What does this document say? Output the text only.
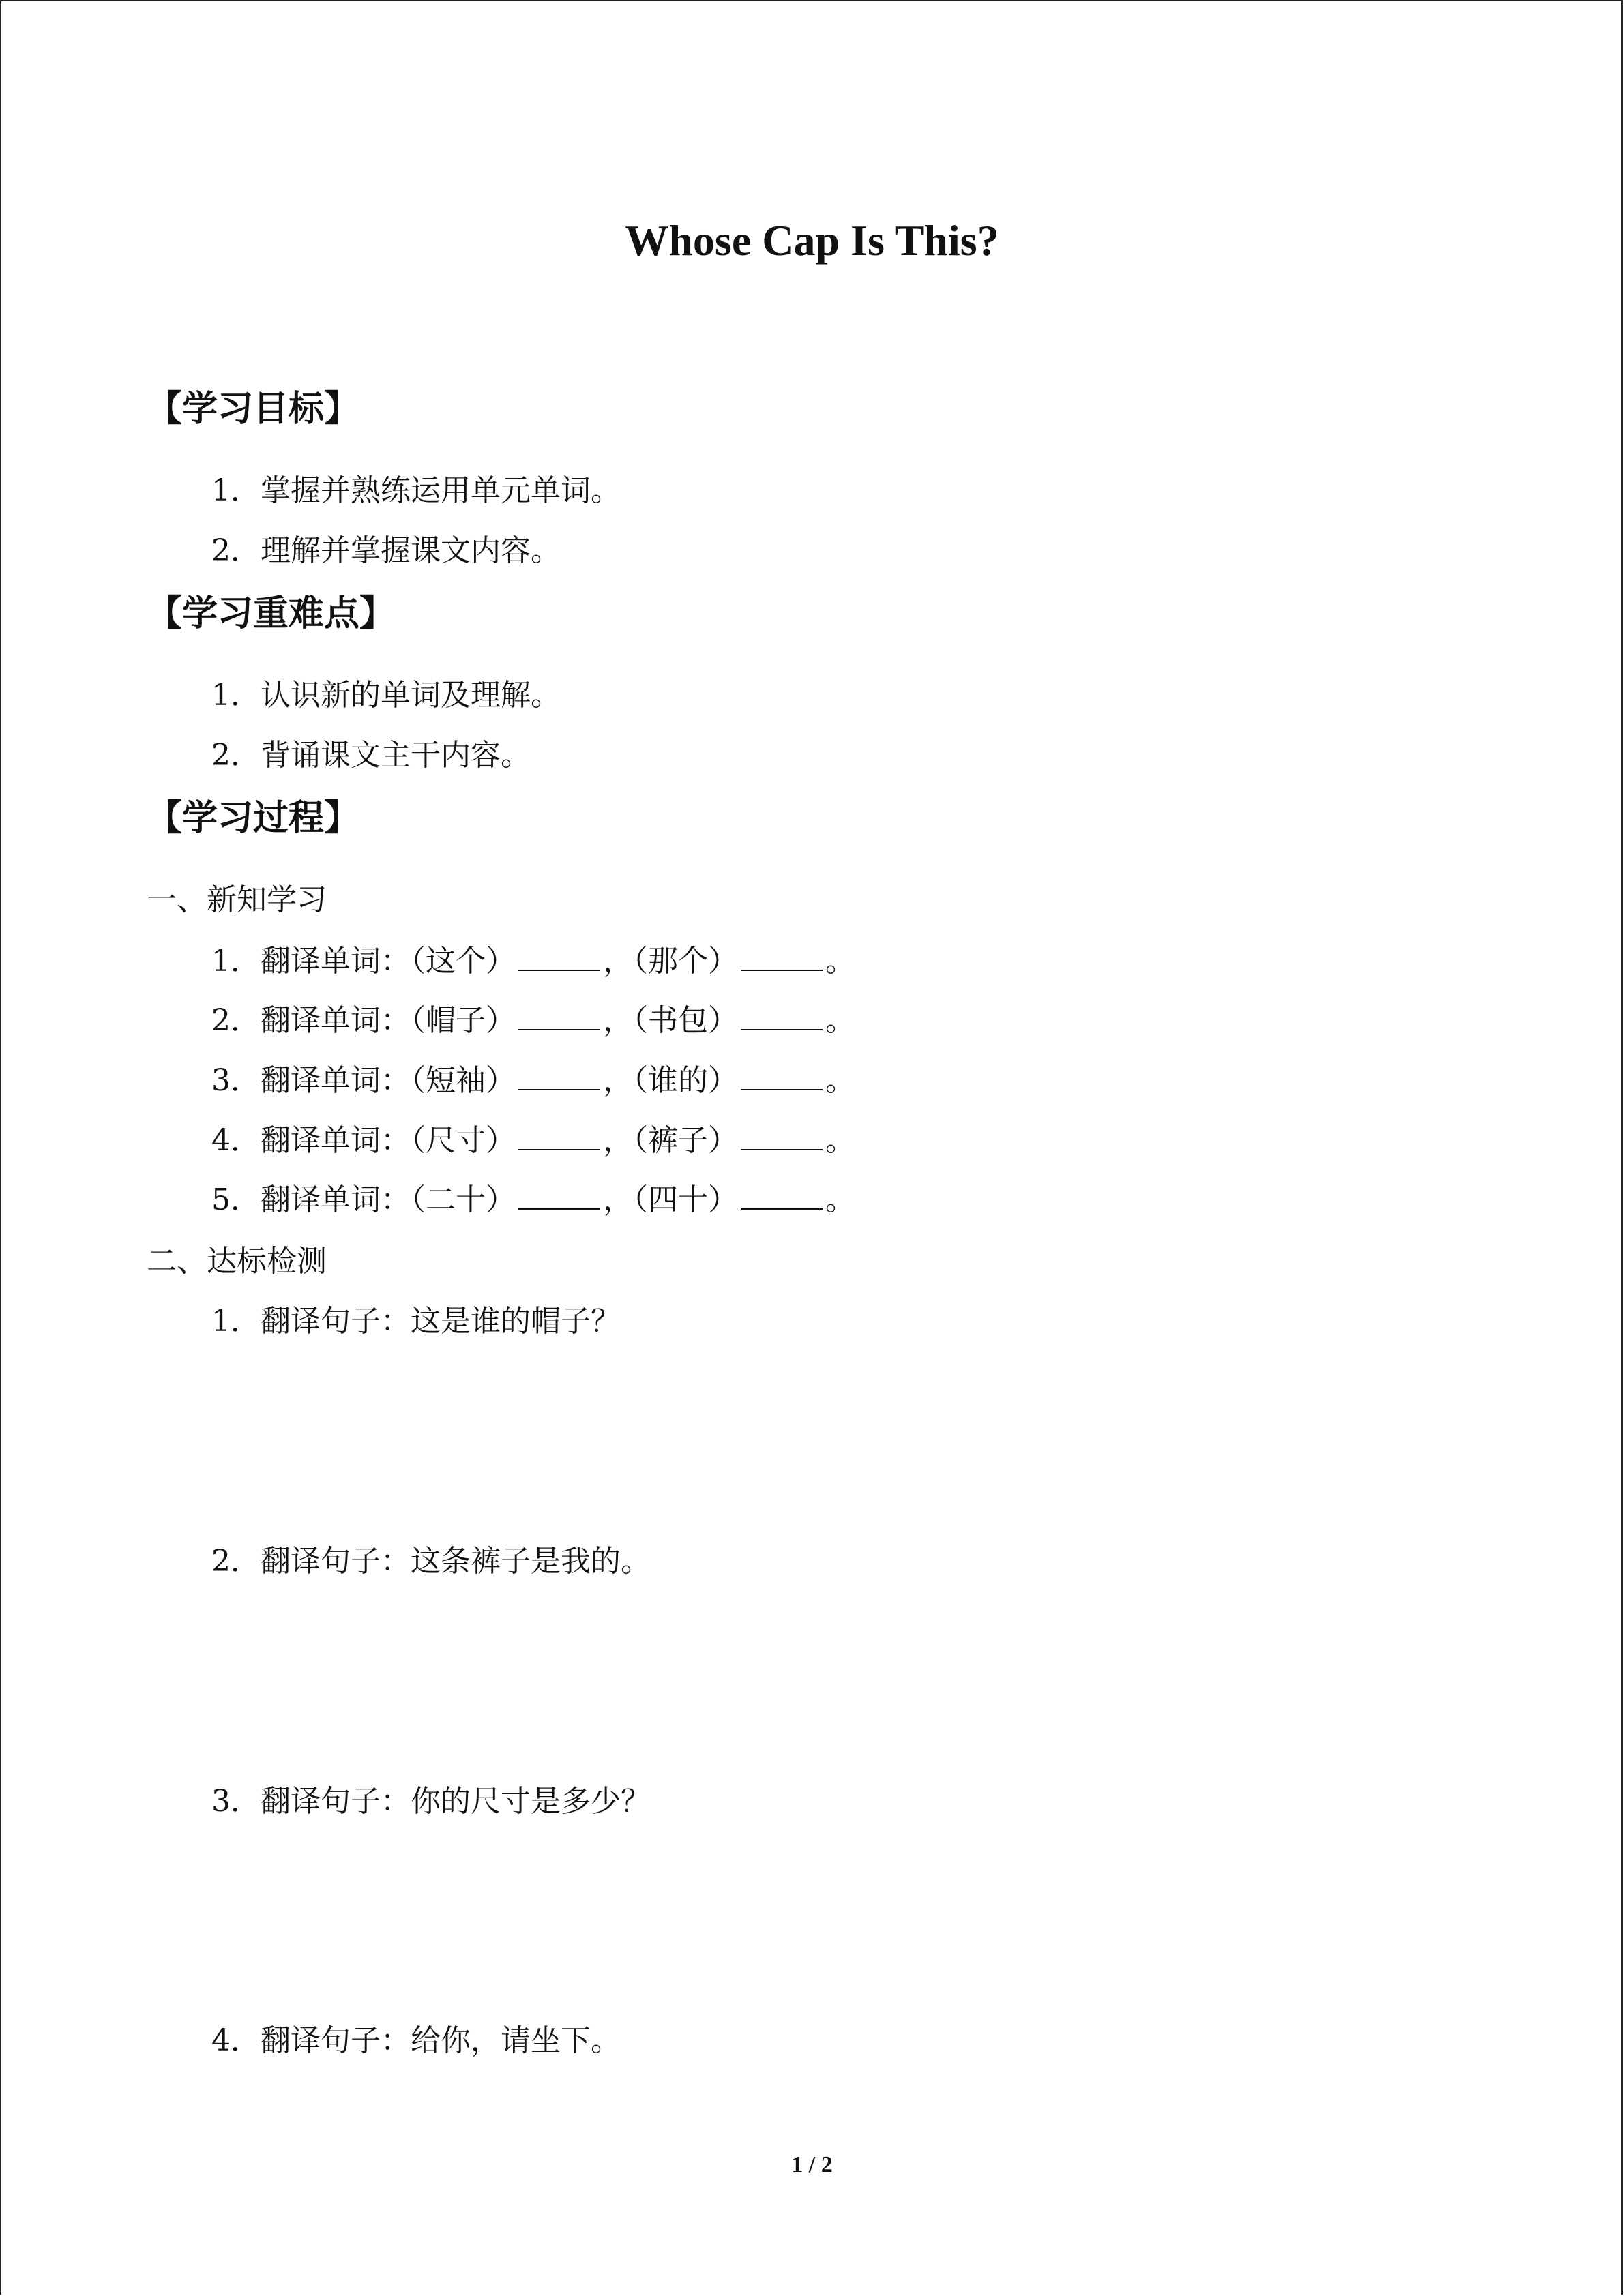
Whose Cap Is This?
【学习目标】
1．掌握并熟练运用单元单词。
2．理解并掌握课文内容。
【学习重难点】
1．认识新的单词及理解。
2．背诵课文主干内容。
【学习过程】
一、新知学习
1．翻译单词：（这个）	，（那个）	。
2．翻译单词：（帽子）	，（书包）	。
3．翻译单词：（短袖）	，（谁的）	。
4．翻译单词：（尺寸）	，（裤子）	。
5．翻译单词：（二十）	，（四十）	。
二、达标检测
1．翻译句子：这是谁的帽子？
2．翻译句子：这条裤子是我的。
3．翻译句子：你的尺寸是多少？
4．翻译句子：给你，请坐下。
1 / 2
